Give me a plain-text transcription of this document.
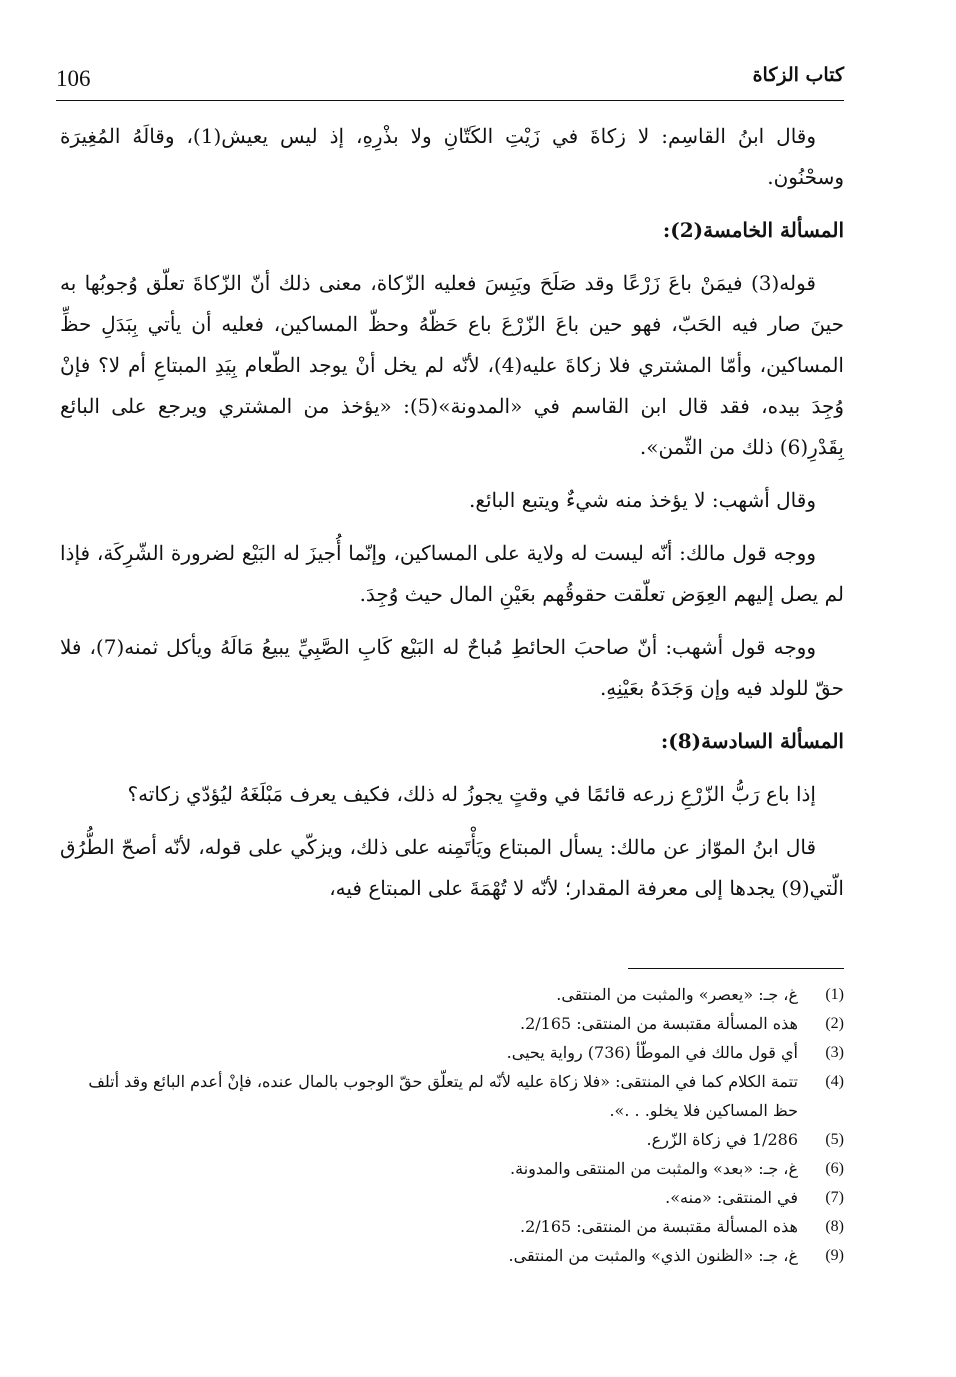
106	كتاب الزكاة

وقال ابنُ القاسِم: لا زكاةَ في زَيْتِ الكَتّانِ ولا بذْرِهِ، إذ ليس يعيش(1)، وقالَهُ المُغِيرَة وسحْنُون.

المسألة الخامسة(2):

قوله(3) فيمَنْ باعَ زَرْعًا وقد صَلَحَ ويَبِسَ فعليه الزّكاة، معنى ذلك أنّ الزّكاةَ تعلّق وُجوبُها به حينَ صار فيه الحَبّ، فهو حين باعَ الزّرْعَ باع حَظّهُ وحظّ المساكين، فعليه أن يأتي بِبَدَلِ حظِّ المساكين، وأمّا المشتري فلا زكاةَ عليه(4)، لأنّه لم يخل أنْ يوجد الطّعام بِيَدِ المبتاعِ أم لا؟ فإنْ وُجِدَ بيده، فقد قال ابن القاسم في «المدونة»(5): «يؤخذ من المشتري ويرجع على البائع بِقَدْرِ(6) ذلك من الثّمن».

وقال أشهب: لا يؤخذ منه شيءٌ ويتبع البائع.

ووجه قول مالك: أنّه ليست له ولاية على المساكين، وإنّما أُجيزَ له البَيْع لضرورة الشّرِكَة، فإذا لم يصل إليهم العِوَض تعلّقت حقوقُهم بعَيْنِ المال حيث وُجِدَ.

ووجه قول أشهب: أنّ صاحبَ الحائطِ مُباحٌ له البَيْع كَابِ الصَّبِيِّ يبيعُ مَالَهُ ويأكل ثمنه(7)، فلا حقّ للولد فيه وإن وَجَدَهُ بعَيْنِهِ.

المسألة السادسة(8):

إذا باع رَبُّ الزّرْعِ زرعه قائمًا في وقتٍ يجوزُ له ذلك، فكيف يعرف مَبْلَغَهُ ليُؤدّي زكاته؟

قال ابنُ الموّاز عن مالك: يسأل المبتاع ويَأْتَمِنه على ذلك، ويزكّي على قوله، لأنّه أصحّ الطُّرُق الّتي(9) يجدها إلى معرفة المقدار؛ لأنّه لا تُهْمَةَ على المبتاع فيه،

(1)
غ، جـ: «يعصر» والمثبت من المنتقى.
(2)
هذه المسألة مقتبسة من المنتقى: 2/165.
(3)
أي قول مالك في الموطّأ (736) رواية يحيى.
(4)
تتمة الكلام كما في المنتقى: «فلا زكاة عليه لأنّه لم يتعلّق حقّ الوجوب بالمال عنده، فإنْ أعدم البائع وقد أتلف حظ المساكين فلا يخلو. . .».
(5)
1/286 في زكاة الزّرع.
(6)
غ، جـ: «بعد» والمثبت من المنتقى والمدونة.
(7)
في المنتقى: «منه».
(8)
هذه المسألة مقتبسة من المنتقى: 2/165.
(9)
غ، جـ: «الظنون الذي» والمثبت من المنتقى.
